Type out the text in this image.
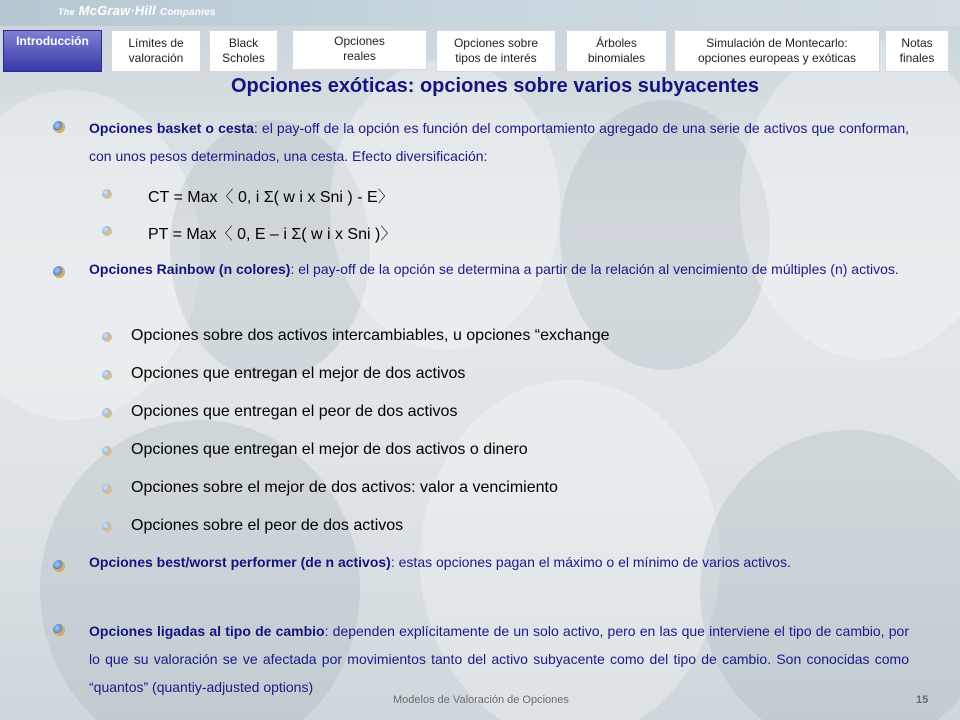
The McGraw·Hill Companies
Introducción	Límites de
valoración
Black
Scholes
Opciones
reales
Opciones sobre
tipos de interés
Árboles
binomiales
Simulación de Montecarlo:
opciones europeas y exóticas
Notas
finales
Opciones exóticas: opciones sobre varios subyacentes
Opciones basket o cesta: el pay-off de la opción es función del comportamiento agregado de una serie de activos que conforman, con unos pesos determinados, una cesta. Efecto diversificación:
CT = Max〈 0, i Σ( w i x Sni ) - E〉
PT = Max〈 0, E – i Σ( w i x Sni )〉
Opciones Rainbow (n colores): el pay-off de la opción se determina a partir de la relación al vencimiento de múltiples (n) activos.
Opciones sobre dos activos intercambiables, u opciones “exchange
Opciones que entregan el mejor de dos activos
Opciones que entregan el peor de dos activos
Opciones que entregan el mejor de dos activos o dinero
Opciones sobre el mejor de dos activos: valor a vencimiento
Opciones sobre el peor de dos activos
Opciones best/worst performer (de n activos): estas opciones pagan el máximo o el mínimo de varios activos.
Opciones ligadas al tipo de cambio: dependen explícitamente de un solo activo, pero en las que interviene el tipo de cambio, por lo que su valoración se ve afectada por movimientos tanto del activo subyacente como del tipo de cambio. Son conocidas como “quantos” (quantiy-adjusted options)
Modelos de Valoración de Opciones	15
